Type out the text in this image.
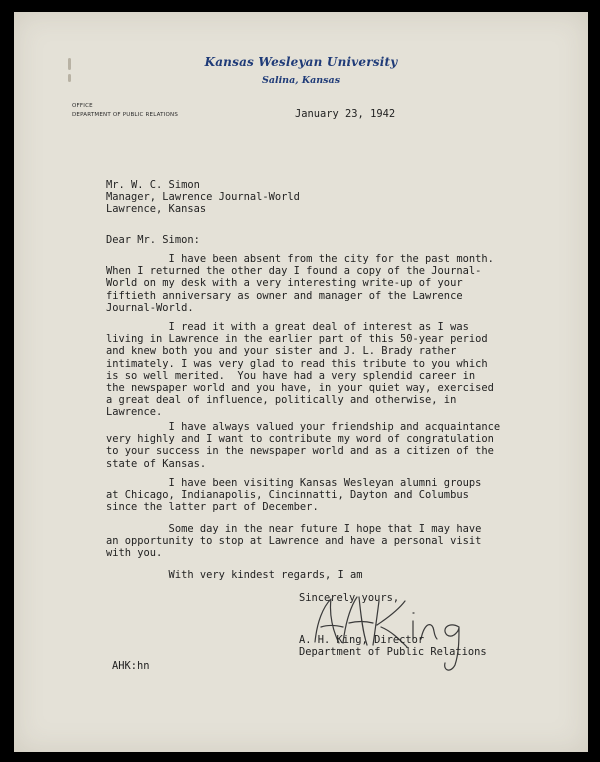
Kansas Wesleyan University
Salina, Kansas
OFFICE
DEPARTMENT OF PUBLIC RELATIONS	January 23, 1942
Mr. W. C. Simon
Manager, Lawrence Journal-World
Lawrence, Kansas
Dear Mr. Simon:
I have been absent from the city for the past month.
When I returned the other day I found a copy of the Journal-
World on my desk with a very interesting write-up of your
fiftieth anniversary as owner and manager of the Lawrence
Journal-World.
I read it with a great deal of interest as I was
living in Lawrence in the earlier part of this 50-year period
and knew both you and your sister and J. L. Brady rather
intimately. I was very glad to read this tribute to you which
is so well merited.  You have had a very splendid career in
the newspaper world and you have, in your quiet way, exercised
a great deal of influence, politically and otherwise, in
Lawrence.
I have always valued your friendship and acquaintance
very highly and I want to contribute my word of congratulation
to your success in the newspaper world and as a citizen of the
state of Kansas.
I have been visiting Kansas Wesleyan alumni groups
at Chicago, Indianapolis, Cincinnatti, Dayton and Columbus
since the latter part of December.
Some day in the near future I hope that I may have
an opportunity to stop at Lawrence and have a personal visit
with you.
With very kindest regards, I am
Sincerely yours,
A. H. King, Director
Department of Public Relations
AHK:hn
